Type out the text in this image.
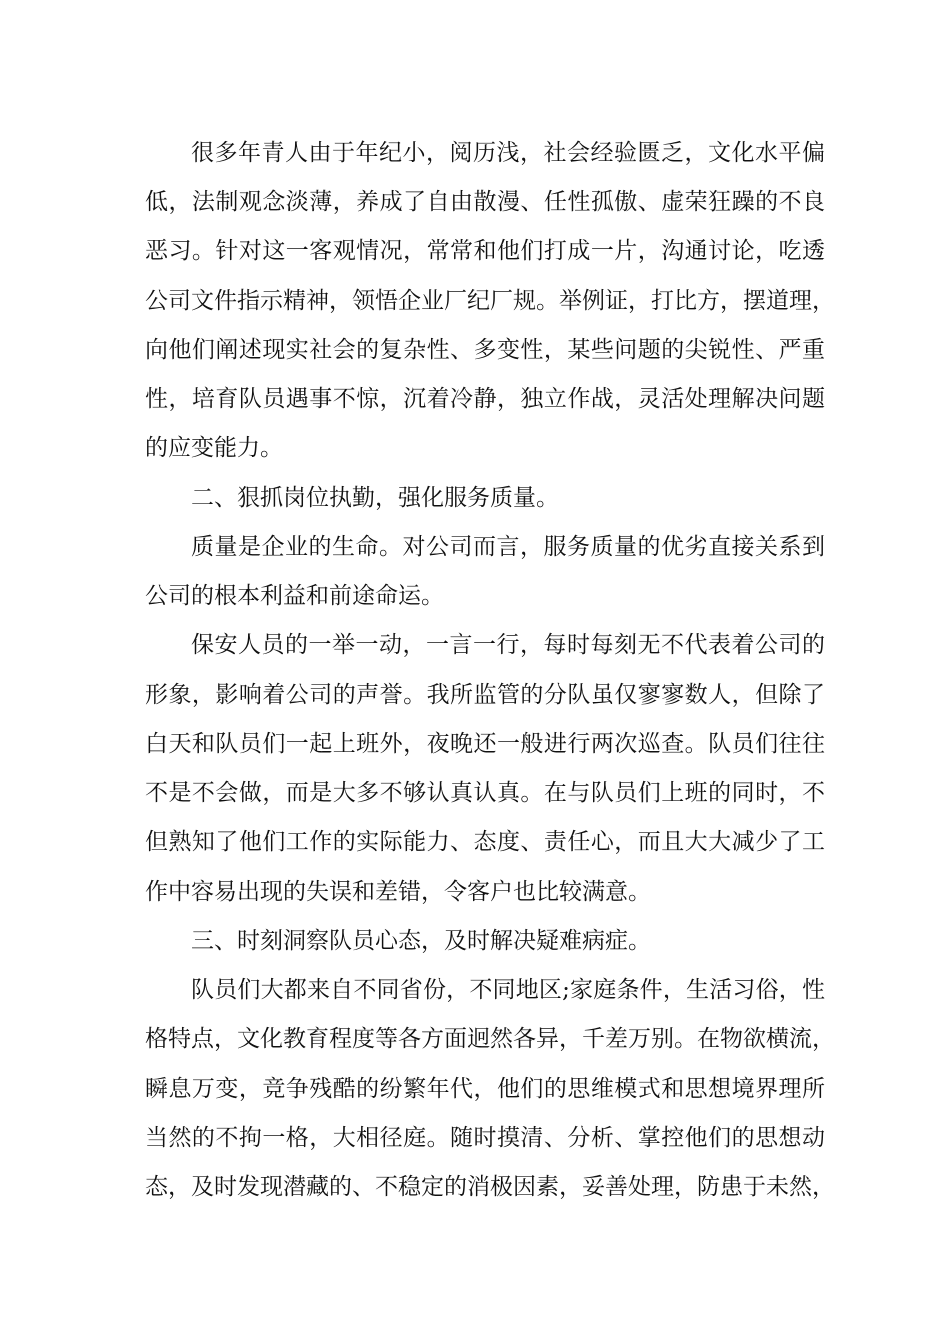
很多年青人由于年纪小，阅历浅，社会经验匮乏，文化水平偏
低，法制观念淡薄，养成了自由散漫、任性孤傲、虚荣狂躁的不良
恶习。针对这一客观情况，常常和他们打成一片，沟通讨论，吃透
公司文件指示精神，领悟企业厂纪厂规。举例证，打比方，摆道理，
向他们阐述现实社会的复杂性、多变性，某些问题的尖锐性、严重
性，培育队员遇事不惊，沉着冷静，独立作战，灵活处理解决问题
的应变能力。
二、狠抓岗位执勤，强化服务质量。
质量是企业的生命。对公司而言，服务质量的优劣直接关系到
公司的根本利益和前途命运。
保安人员的一举一动，一言一行，每时每刻无不代表着公司的
形象，影响着公司的声誉。我所监管的分队虽仅寥寥数人，但除了
白天和队员们一起上班外，夜晚还一般进行两次巡查。队员们往往
不是不会做，而是大多不够认真认真。在与队员们上班的同时，不
但熟知了他们工作的实际能力、态度、责任心，而且大大减少了工
作中容易出现的失误和差错，令客户也比较满意。
三、时刻洞察队员心态，及时解决疑难病症。
队员们大都来自不同省份，不同地区;家庭条件，生活习俗，性
格特点，文化教育程度等各方面迥然各异，千差万别。在物欲横流，
瞬息万变，竞争残酷的纷繁年代，他们的思维模式和思想境界理所
当然的不拘一格，大相径庭。随时摸清、分析、掌控他们的思想动
态，及时发现潜藏的、不稳定的消极因素，妥善处理，防患于未然，
